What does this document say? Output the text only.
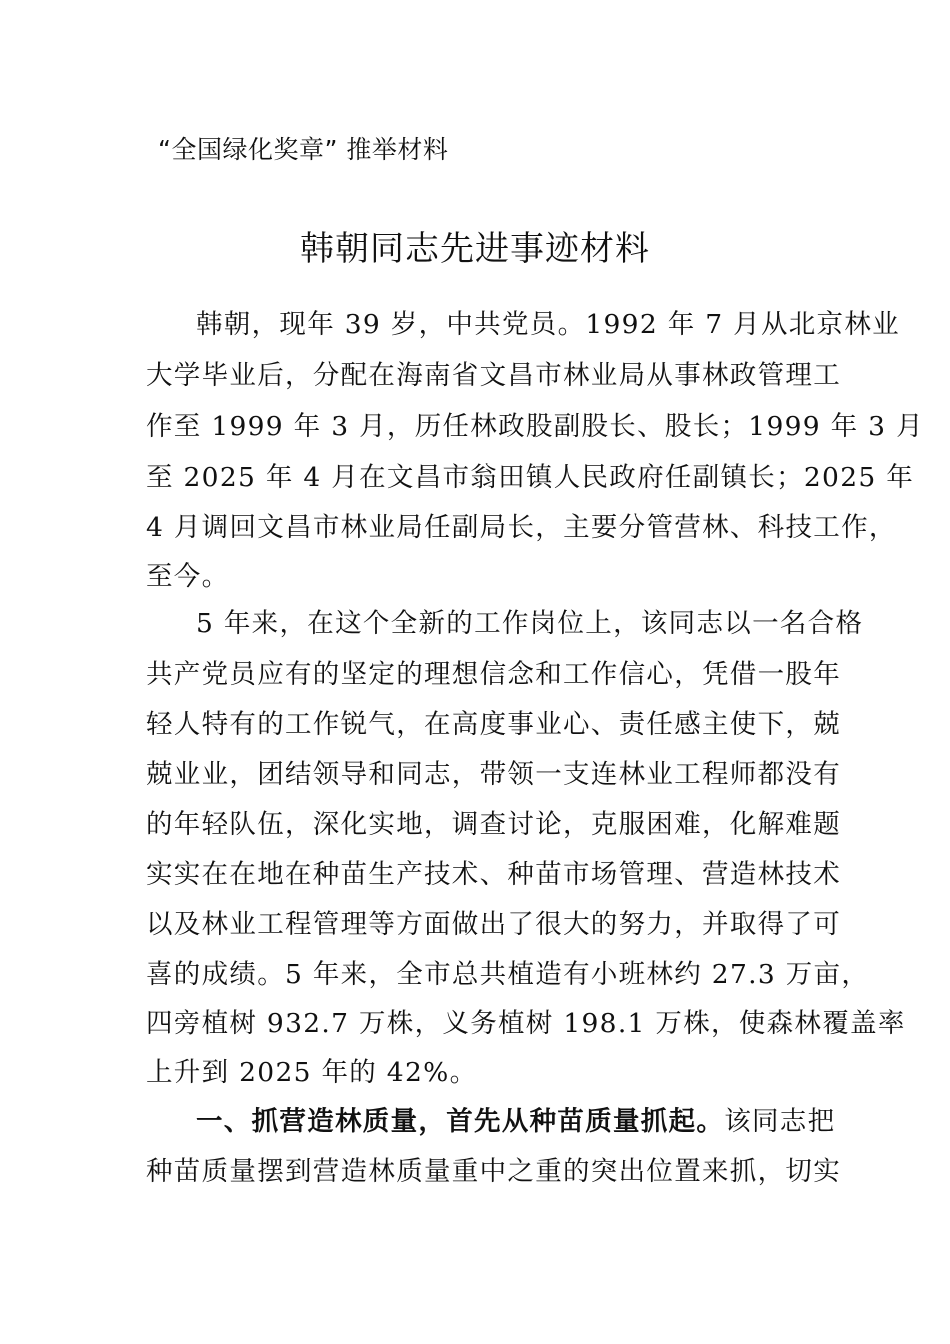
“全国绿化奖章” 推举材料
韩朝同志先进事迹材料
韩朝，现年 39 岁，中共党员。1992 年 7 月从北京林业
大学毕业后，分配在海南省文昌市林业局从事林政管理工
作至 1999 年 3 月，历任林政股副股长、股长；1999 年 3 月
至 2025 年 4 月在文昌市翁田镇人民政府任副镇长；2025 年
4 月调回文昌市林业局任副局长，主要分管营林、科技工作，
至今。
5 年来，在这个全新的工作岗位上，该同志以一名合格
共产党员应有的坚定的理想信念和工作信心，凭借一股年
轻人特有的工作锐气，在高度事业心、责任感主使下，兢
兢业业，团结领导和同志，带领一支连林业工程师都没有
的年轻队伍，深化实地，调查讨论，克服困难，化解难题
实实在在地在种苗生产技术、种苗市场管理、营造林技术
以及林业工程管理等方面做出了很大的努力，并取得了可
喜的成绩。5 年来，全市总共植造有小班林约 27.3 万亩，
四旁植树 932.7 万株，义务植树 198.1 万株，使森林覆盖率
上升到 2025 年的 42%。
一、抓营造林质量，首先从种苗质量抓起。该同志把
种苗质量摆到营造林质量重中之重的突出位置来抓，切实
